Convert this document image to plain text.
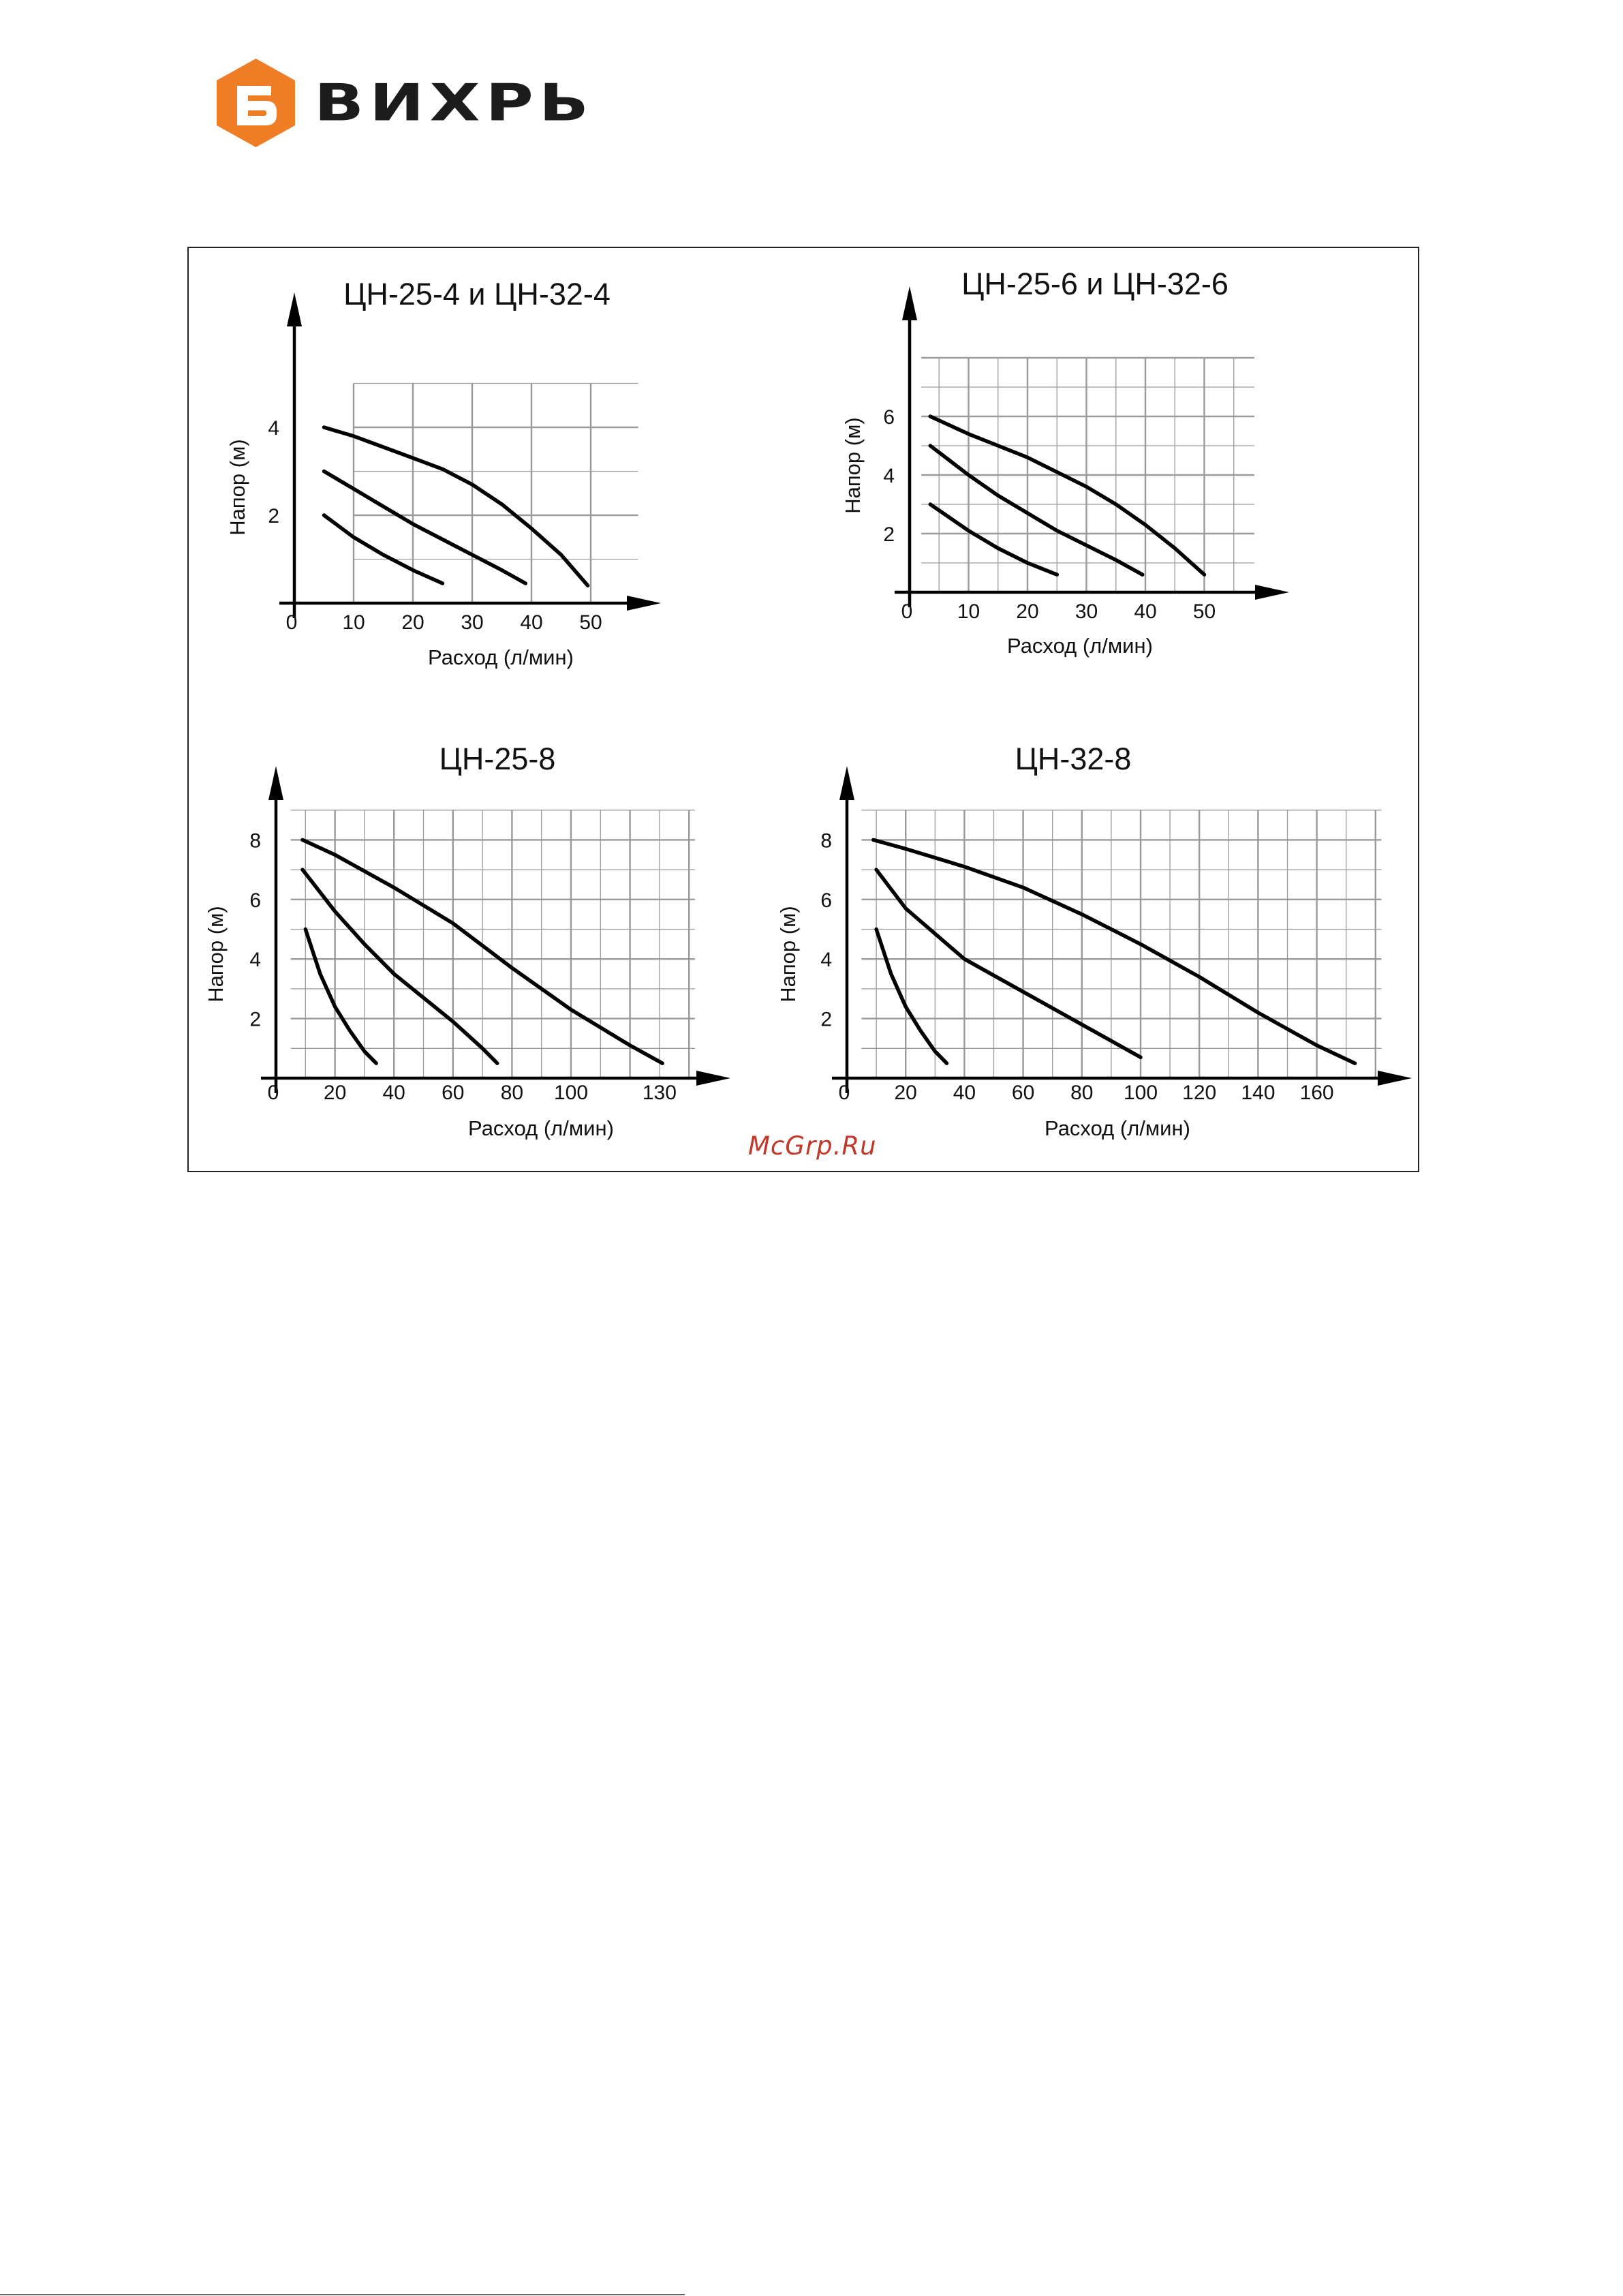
ВИХРЬ
0 10 20 30 40 50
2
4
ЦН-25-4 и ЦН-32-4
Расход (л/мин)
Напор (м)
0 10 20 30 40 50
2
4
6
ЦН-25-6 и ЦН-32-6
Расход (л/мин)
Напор (м)
0 20 40 60 80 100	130
2
4
6
8
ЦН-25-8
Расход (л/мин)
Напор (м)
0 20 40 60 80 100 120 140 160
2
4
6
8
ЦН-32-8
Расход (л/мин)
Напор (м)
McGrp.Ru
